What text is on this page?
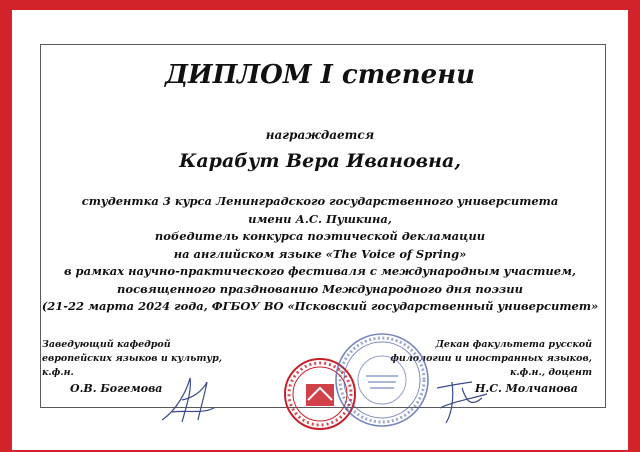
ДИПЛОМ I степени
награждается
Карабут Вера Ивановна,
студентка 3 курса Ленинградского государственного университета
имени А.С. Пушкина,
победитель конкурса поэтической декламации
на английском языке «The Voice of Spring»
в рамках научно-практического фестиваля с международным участием,
посвященного празднованию Международного дня поэзии
(21-22 марта 2024 года, ФГБОУ ВО «Псковский государственный университет»
Заведующий кафедрой
европейских языков и культур,
к.ф.н.
О.В. Богемова
Декан факультета русской
филологии и иностранных языков,
к.ф.н., доцент
Н.С. Молчанова
